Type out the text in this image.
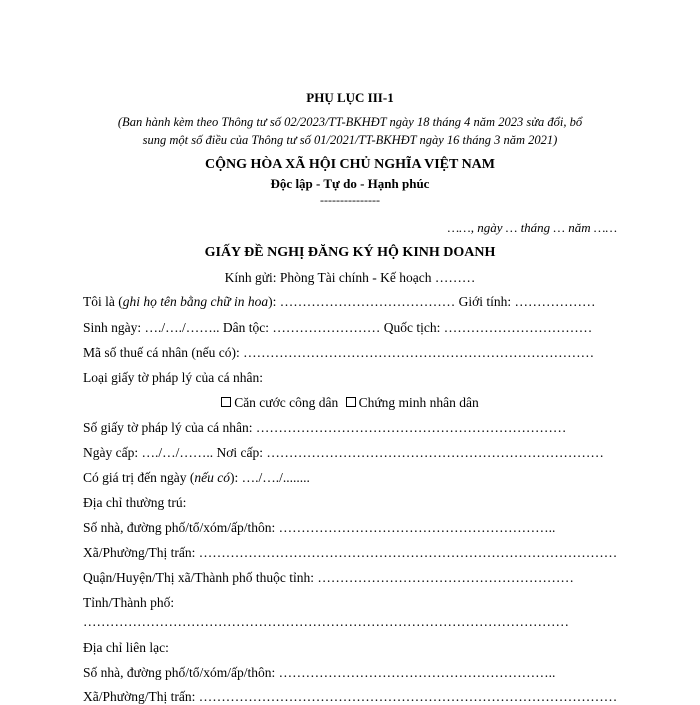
PHỤ LỤC III-1
(Ban hành kèm theo Thông tư số 02/2023/TT-BKHĐT ngày 18 tháng 4 năm 2023 sửa đổi, bổ
sung một số điều của Thông tư số 01/2021/TT-BKHĐT ngày 16 tháng 3 năm 2021)
CỘNG HÒA XÃ HỘI CHỦ NGHĨA VIỆT NAM
Độc lập - Tự do - Hạnh phúc
---------------
……, ngày … tháng … năm ……
GIẤY ĐỀ NGHỊ ĐĂNG KÝ HỘ KINH DOANH
Kính gửi: Phòng Tài chính - Kế hoạch ………
Tôi là (ghi họ tên bằng chữ in hoa): ………………………………… Giới tính: ………………
Sinh ngày: …./…./…….. Dân tộc: …………………… Quốc tịch: ……………………………
Mã số thuế cá nhân (nếu có): ……………………………………………………………………
Loại giấy tờ pháp lý của cá nhân:
Căn cước công dân Chứng minh nhân dân
Số giấy tờ pháp lý của cá nhân: ……………………………………………………………
Ngày cấp: …./…/…….. Nơi cấp: …………………………………………………………………
Có giá trị đến ngày (nếu có): …./…./........
Địa chỉ thường trú:
Số nhà, đường phố/tổ/xóm/ấp/thôn: ……………………………………………………..
Xã/Phường/Thị trấn: …………………………………………………………………………………
Quận/Huyện/Thị xã/Thành phố thuộc tỉnh: …………………………………………………
Tỉnh/Thành phố:
………………………………………………………………………………………………
Địa chỉ liên lạc:
Số nhà, đường phố/tổ/xóm/ấp/thôn: ……………………………………………………..
Xã/Phường/Thị trấn: …………………………………………………………………………………
